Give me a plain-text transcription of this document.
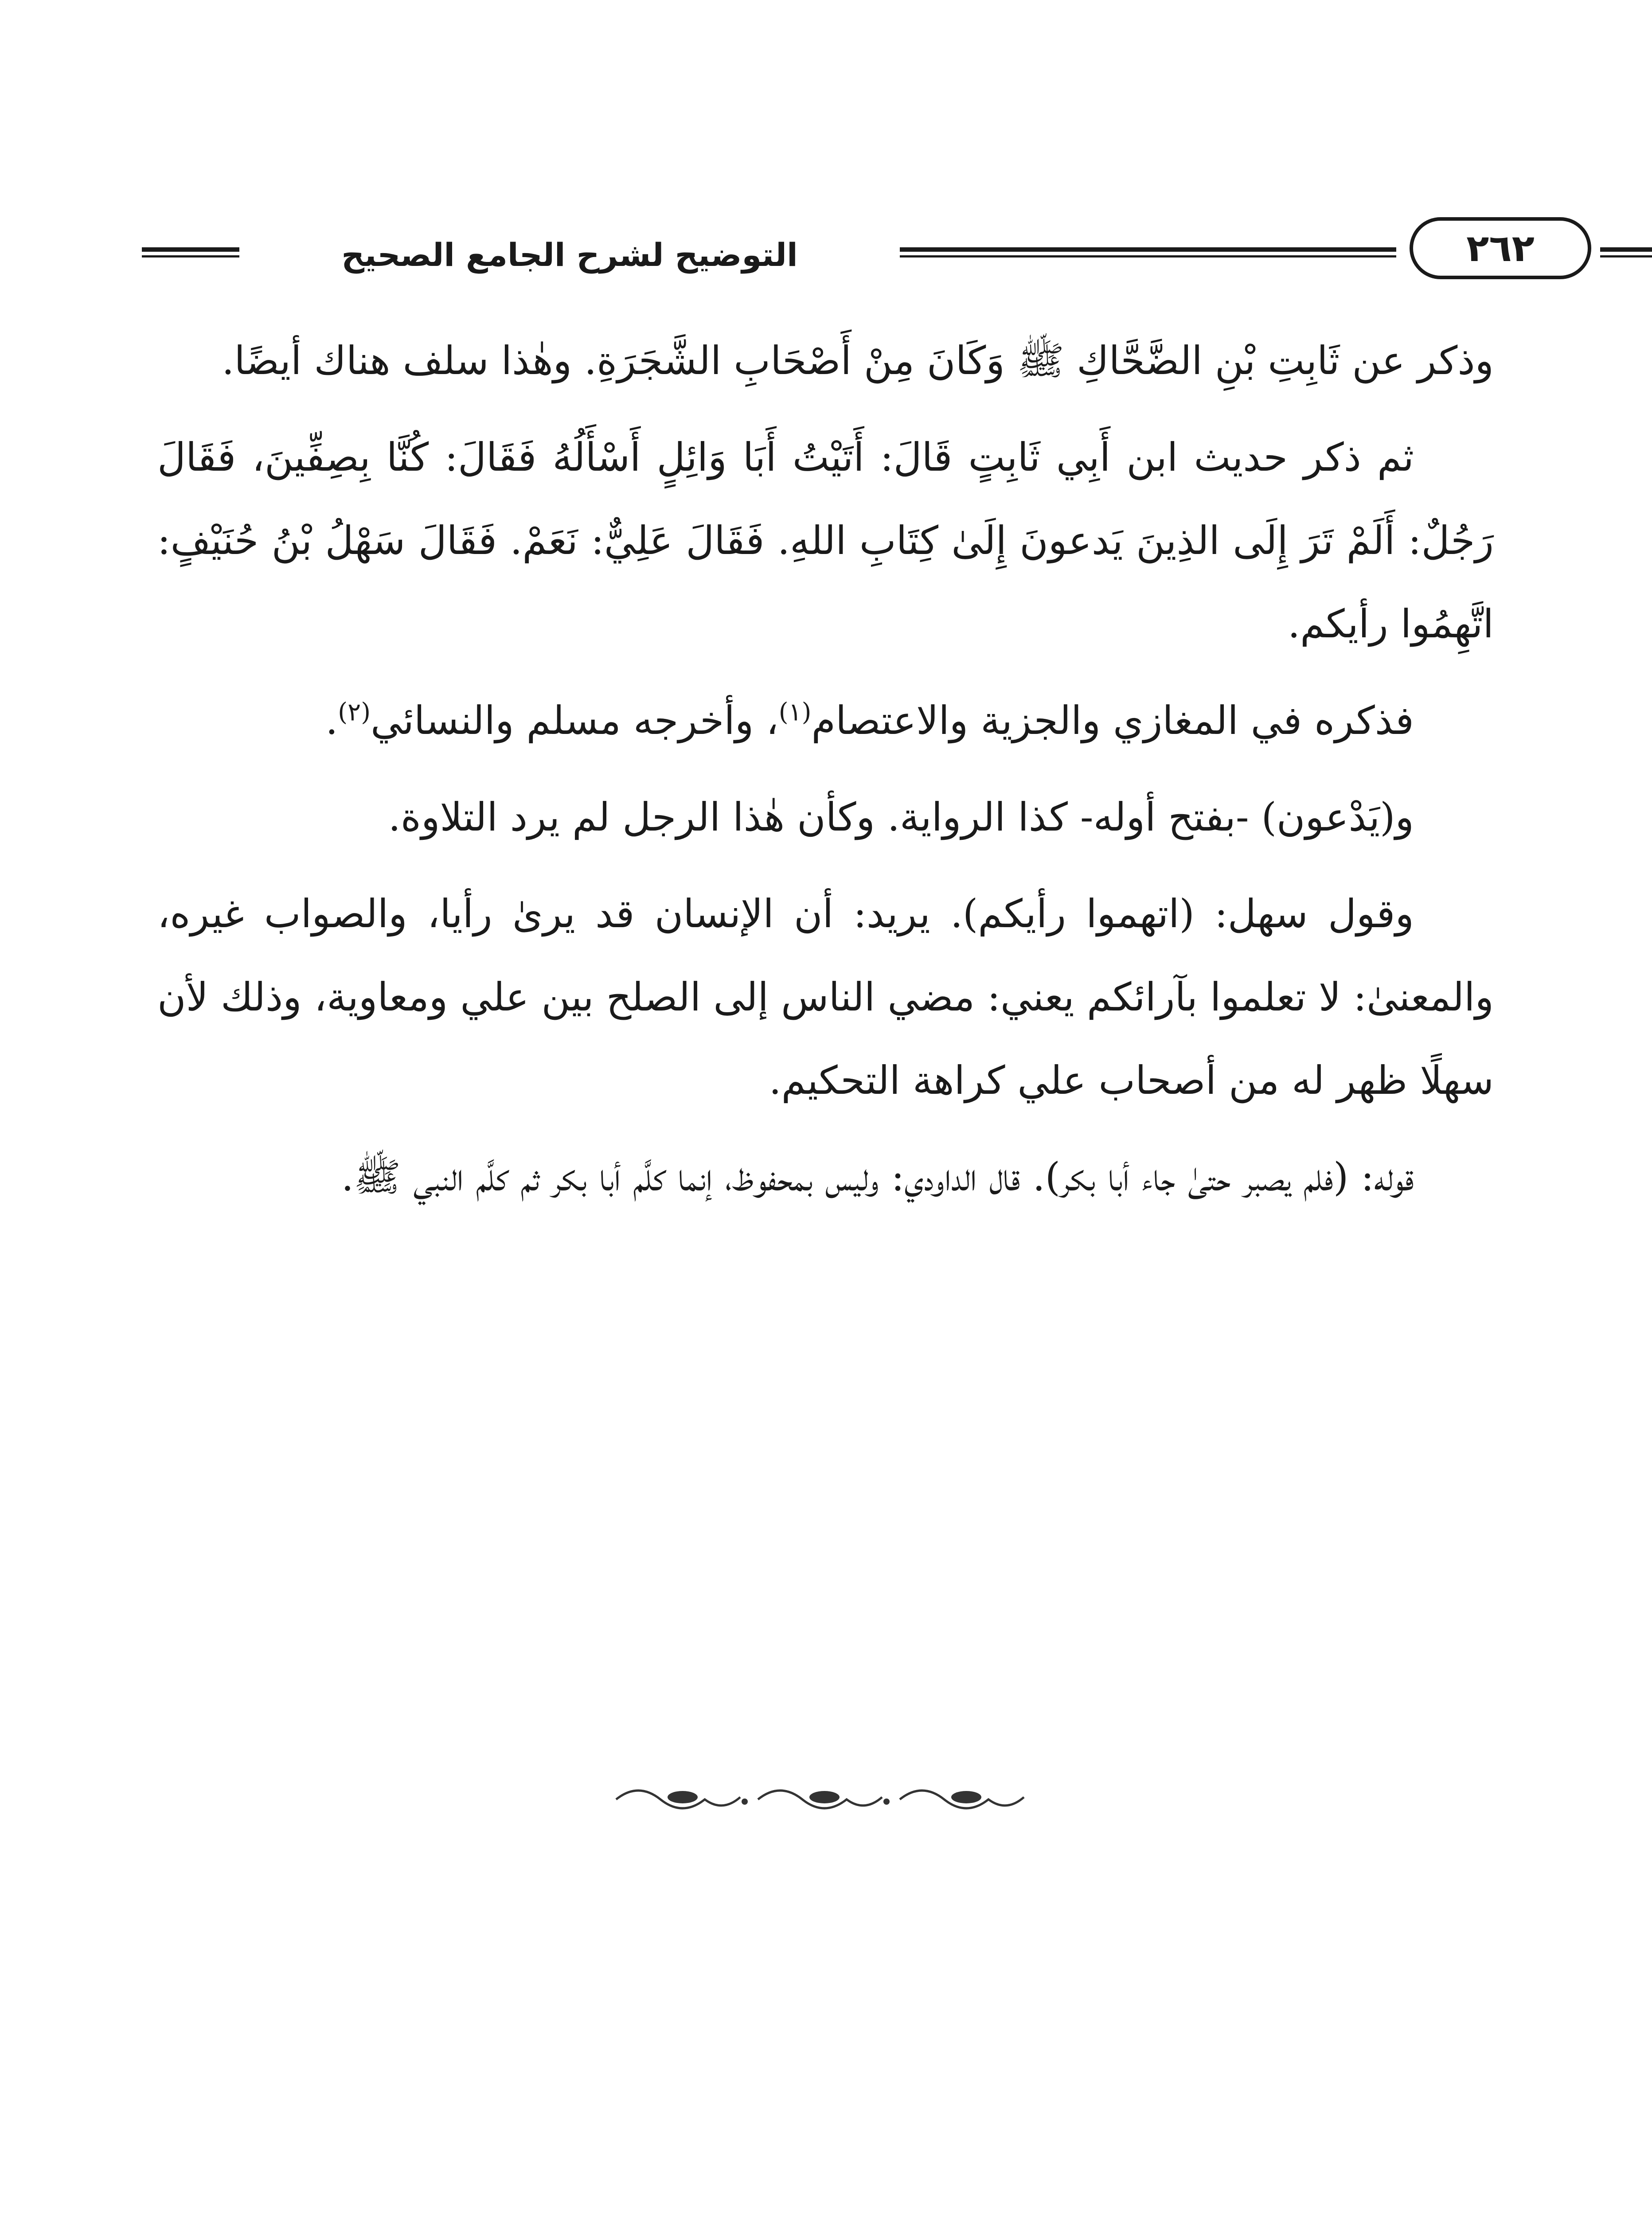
التوضيح لشرح الجامع الصحيح	٢٦٢

وذكر عن ثَابِتِ بْنِ الضَّحَّاكِ ﷺ وَكَانَ مِنْ أَصْحَابِ الشَّجَرَةِ. وهٰذا سلف هناك أيضًا.

ثم ذكر حديث ابن أَبِي ثَابِتٍ قَالَ: أَتَيْتُ أَبَا وَائِلٍ أَسْأَلُهُ فَقَالَ: كُنَّا بِصِفِّينَ، فَقَالَ رَجُلٌ: أَلَمْ تَرَ إِلَى الذِينَ يَدعونَ إِلَىٰ كِتَابِ اللهِ. فَقَالَ عَلِيٌّ: نَعَمْ. فَقَالَ سَهْلُ بْنُ حُنَيْفٍ: اتَّهِمُوا رأيكم.

فذكره في المغازي والجزية والاعتصام$^{(١)}$، وأخرجه مسلم والنسائي$^{(٢)}$.

و(يَدْعون) -بفتح أوله- كذا الرواية. وكأن هٰذا الرجل لم يرد التلاوة.

وقول سهل: (اتهموا رأيكم). يريد: أن الإنسان قد يرىٰ رأيا، والصواب غيره، والمعنىٰ: لا تعلموا بآرائكم يعني: مضي الناس إلى الصلح بين علي ومعاوية، وذلك لأن سهلًا ظهر له من أصحاب علي كراهة التحكيم.

قوله: (فلم يصبر حتىٰ جاء أبا بكر). قال الداودي: وليس بمحفوظ، إنما كلَّم أبا بكر ثم كلَّم النبي ﷺ.
